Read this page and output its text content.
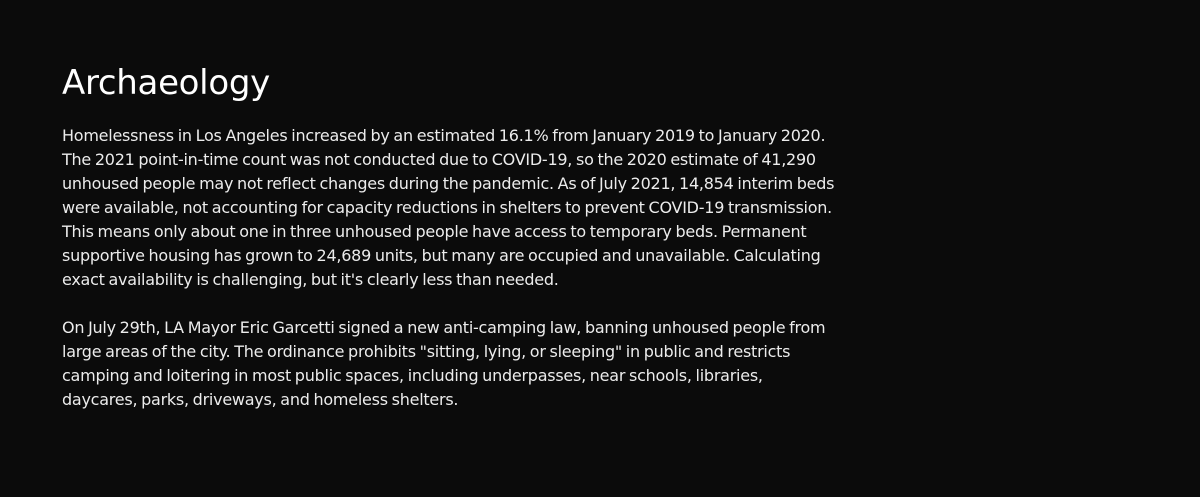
Archaeology

Homelessness in Los Angeles increased by an estimated 16.1% from January 2019 to January 2020. The 2021 point-in-time count was not conducted due to COVID-19, so the 2020 estimate of 41,290 unhoused people may not reflect changes during the pandemic. As of July 2021, 14,854 interim beds were available, not accounting for capacity reductions in shelters to prevent COVID-19 transmission. This means only about one in three unhoused people have access to temporary beds. Permanent supportive housing has grown to 24,689 units, but many are occupied and unavailable. Calculating exact availability is challenging, but it's clearly less than needed.

On July 29th, LA Mayor Eric Garcetti signed a new anti-camping law, banning unhoused people from large areas of the city. The ordinance prohibits "sitting, lying, or sleeping" in public and restricts camping and loitering in most public spaces, including underpasses, near schools, libraries, daycares, parks, driveways, and homeless shelters.
